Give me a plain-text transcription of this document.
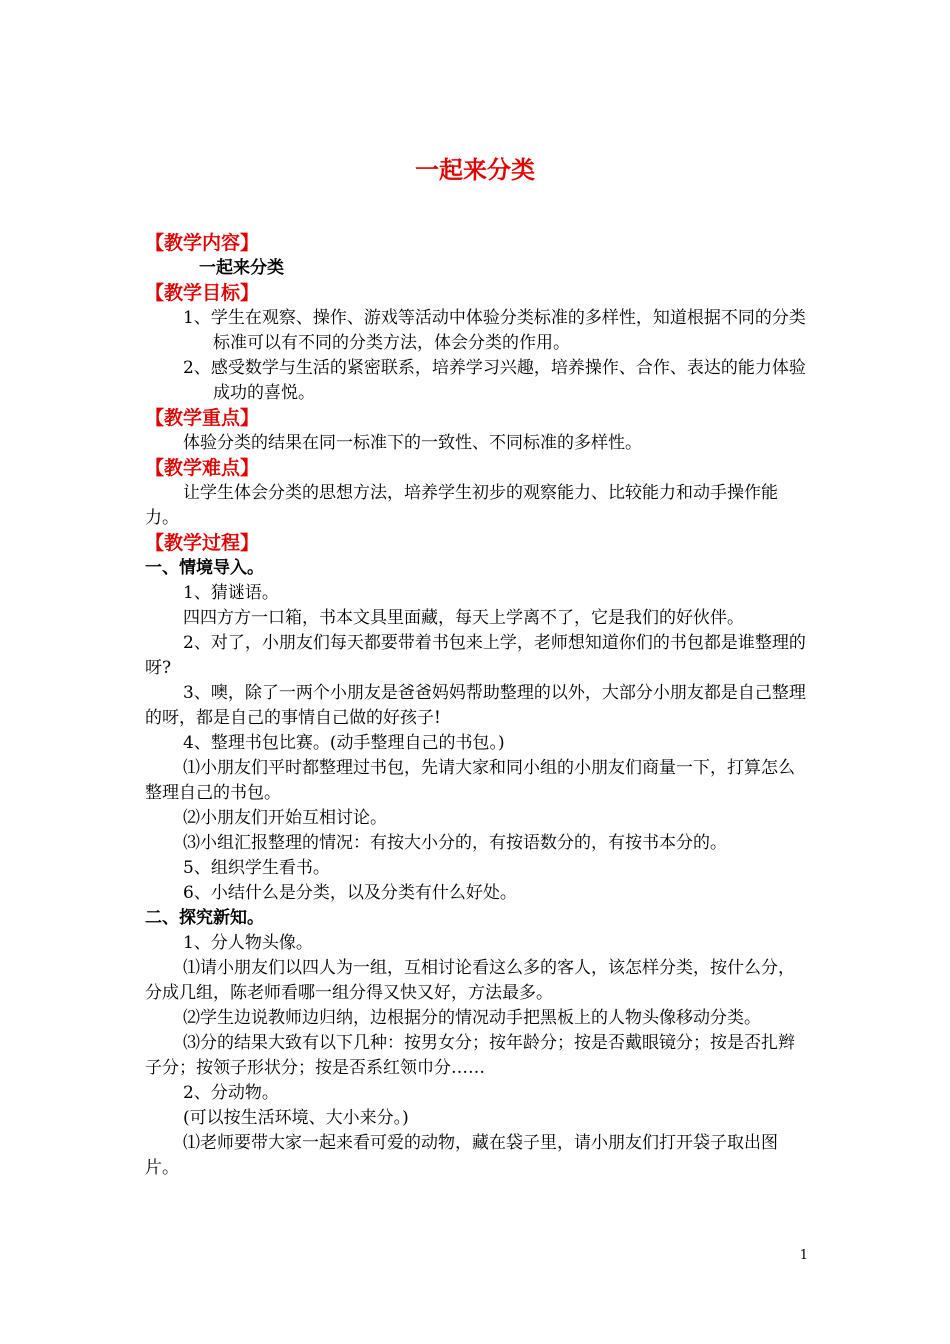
一起来分类
【教学内容】
一起来分类
【教学目标】

1、学生在观察、操作、游戏等活动中体验分类标准的多样性，知道根据不同的分类标准可以有不同的分类方法，体会分类的作用。

2、感受数学与生活的紧密联系，培养学习兴趣，培养操作、合作、表达的能力体验成功的喜悦。

【教学重点】

体验分类的结果在同一标准下的一致性、不同标准的多样性。

【教学难点】

让学生体会分类的思想方法，培养学生初步的观察能力、比较能力和动手操作能力。

【教学过程】
一、情境导入。

1、猜谜语。

四四方方一口箱，书本文具里面藏，每天上学离不了，它是我们的好伙伴。

2、对了，小朋友们每天都要带着书包来上学，老师想知道你们的书包都是谁整理的呀?

3、噢，除了一两个小朋友是爸爸妈妈帮助整理的以外，大部分小朋友都是自己整理的呀，都是自己的事情自己做的好孩子!

4、整理书包比赛。(动手整理自己的书包。)

⑴小朋友们平时都整理过书包，先请大家和同小组的小朋友们商量一下，打算怎么整理自己的书包。

⑵小朋友们开始互相讨论。

⑶小组汇报整理的情况：有按大小分的，有按语数分的，有按书本分的。

5、组织学生看书。

6、小结什么是分类，以及分类有什么好处。

二、探究新知。

1、分人物头像。

⑴请小朋友们以四人为一组，互相讨论看这么多的客人，该怎样分类，按什么分，分成几组，陈老师看哪一组分得又快又好，方法最多。

⑵学生边说教师边归纳，边根据分的情况动手把黑板上的人物头像移动分类。

⑶分的结果大致有以下几种：按男女分；按年龄分；按是否戴眼镜分；按是否扎辫子分；按领子形状分；按是否系红领巾分……

2、分动物。

(可以按生活环境、大小来分。)

⑴老师要带大家一起来看可爱的动物，藏在袋子里，请小朋友们打开袋子取出图片。

1
